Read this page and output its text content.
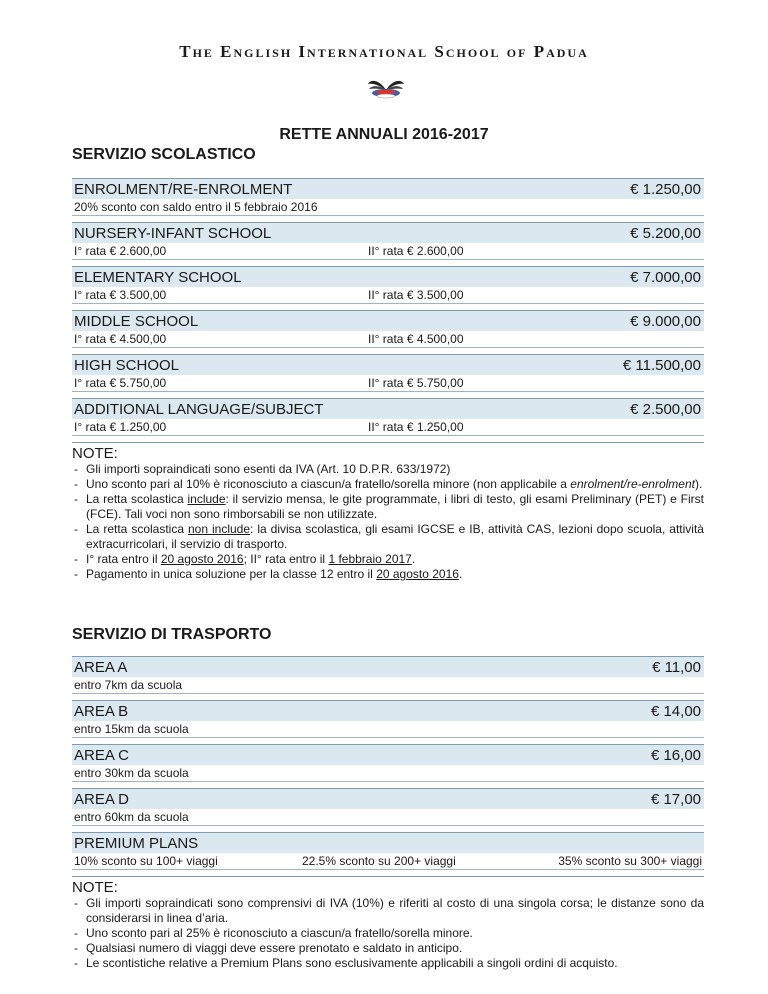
The English International School of Padua
RETTE ANNUALI 2016-2017
SERVIZIO SCOLASTICO
ENROLMENT/RE-ENROLMENT	€ 1.250,00
20% sconto con saldo entro il 5 febbraio 2016
NURSERY-INFANT SCHOOL	€ 5.200,00
I° rata € 2.600,00	II° rata € 2.600,00
ELEMENTARY SCHOOL	€ 7.000,00
I° rata € 3.500,00	II° rata € 3.500,00
MIDDLE SCHOOL	€ 9.000,00
I° rata € 4.500,00	II° rata € 4.500,00
HIGH SCHOOL	€ 11.500,00
I° rata € 5.750,00	II° rata € 5.750,00
ADDITIONAL LANGUAGE/SUBJECT	€ 2.500,00
I° rata € 1.250,00	II° rata € 1.250,00
NOTE:
- Gli importi sopraindicati sono esenti da IVA (Art. 10 D.P.R. 633/1972)
- Uno sconto pari al 10% è riconosciuto a ciascun/a fratello/sorella minore (non applicabile a enrolment/re-enrolment).
- La retta scolastica include: il servizio mensa, le gite programmate, i libri di testo, gli esami Preliminary (PET) e First (FCE). Tali voci non sono rimborsabili se non utilizzate.
- La retta scolastica non include: la divisa scolastica, gli esami IGCSE e IB, attività CAS, lezioni dopo scuola, attività extracurricolari, il servizio di trasporto.
- I° rata entro il 20 agosto 2016; II° rata entro il 1 febbraio 2017.
- Pagamento in unica soluzione per la classe 12 entro il 20 agosto 2016.
SERVIZIO DI TRASPORTO
AREA A	€ 11,00
entro 7km da scuola
AREA B	€ 14,00
entro 15km da scuola
AREA C	€ 16,00
entro 30km da scuola
AREA D	€ 17,00
entro 60km da scuola
PREMIUM PLANS
10% sconto su 100+ viaggi	22.5% sconto su 200+ viaggi	35% sconto su 300+ viaggi
NOTE:
- Gli importi sopraindicati sono comprensivi di IVA (10%) e riferiti al costo di una singola corsa; le distanze sono da considerarsi in linea d’aria.
- Uno sconto pari al 25% è riconosciuto a ciascun/a fratello/sorella minore.
- Qualsiasi numero di viaggi deve essere prenotato e saldato in anticipo.
- Le scontistiche relative a Premium Plans sono esclusivamente applicabili a singoli ordini di acquisto.
